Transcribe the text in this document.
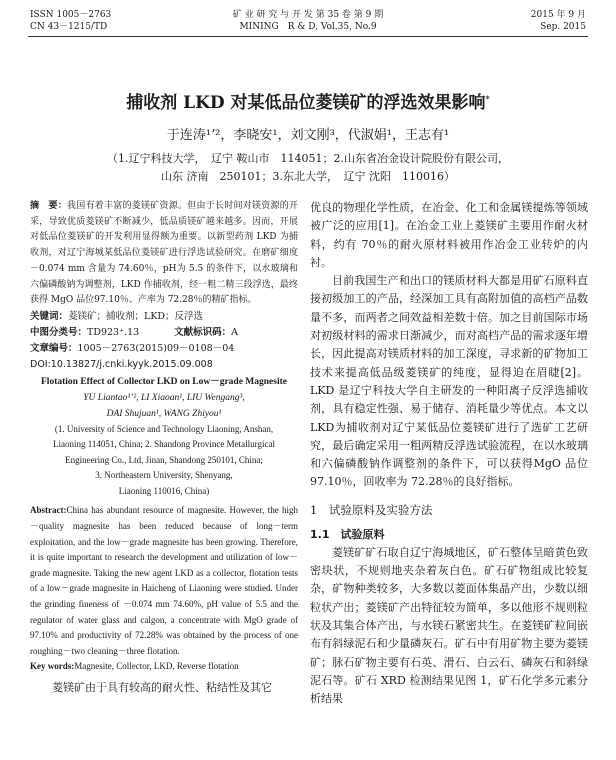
ISSN 1005－2763
CN 43－1215/TD
矿 业 研 究 与 开 发 第 35 卷 第 9 期
MINING　R & D, Vol.35, No.9
2015 年 9 月
Sep. 2015
捕收剂 LKD 对某低品位菱镁矿的浮选效果影响*
于连涛¹ʼ²，李晓安¹，刘文刚³，代淑娟¹，王志有¹
（1.辽宁科技大学，　辽宁 鞍山市　114051；2.山东省冶金设计院股份有限公司，
山东 济南　250101；3.东北大学，　辽宁 沈阳　110016）
摘　要：我国有着丰富的菱镁矿资源。但由于长时间对镁资源的开采，导致优质菱镁矿不断减少，低品质镁矿越来越多。因而，开展对低品位菱镁矿的开发利用显得额为重要。以新型药剂 LKD 为捕收剂，对辽宁海城某低品位菱镁矿进行浮选试验研究。在磨矿细度－0.074 mm 含量为 74.60％，pH为 5.5 的条件下，以水玻璃和六偏磷酸钠为调整剂，LKD 作捕收剂，经一粗二精三段浮选，最终获得 MgO 品位97.10％、产率为 72.28％的精矿指标。
关键词：菱镁矿；捕收剂；LKD；反浮选
中图分类号：TD923⁺.13	文献标识码：A
文章编号：1005－2763(2015)09－0108－04
DOI:10.13827/j.cnki.kyyk.2015.09.008
Flotation Effect of Collector LKD on Low－grade Magnesite
YU Liantao¹ʼ², LI Xiaoan¹, LIU Wengang³,
DAI Shujuan¹, WANG Zhiyou¹
(1. University of Science and Technology Liaoning, Anshan,
Liaoning 114051, China; 2. Shandong Province Metallurgical
Engineering Co., Ltd, Jinan, Shandong 250101, China;
3. Northeastern University, Shenyang,
Liaoning 110016, China)
Abstract:China has abundant resource of magnesite. However, the high－quality magnesite has been reduced because of long－term exploitation, and the low－grade magnesite has been growing. Therefore, it is quite important to research the development and utilization of low－grade magnesite. Taking the new agent LKD as a collector, flotation tests of a low－grade magnesite in Haicheng of Liaoning were studied. Under the grinding fineness of －0.074 mm 74.60%, pH value of 5.5 and the regulator of water glass and calgon, a concentrate with MgO grade of 97.10% and productivity of 72.28% was obtained by the process of one roughing－two cleaning－three flotation.
Key words:Magnesite, Collector, LKD, Reverse flotation

菱镁矿由于具有较高的耐火性、粘结性及其它

优良的物理化学性质，在冶金、化工和金属镁提炼等领域被广泛的应用[1]。在冶金工业上菱镁矿主要用作耐火材料，约有 70％的耐火原材料被用作冶金工业转炉的内衬。

目前我国生产和出口的镁质材料大都是用矿石原料直接初级加工的产品，经深加工具有高附加值的高档产品数量不多，而两者之间效益相差数十倍。加之目前国际市场对初级材料的需求日渐减少，而对高档产品的需求逐年增长，因此提高对镁质材料的加工深度，寻求新的矿物加工技术来提高低品级菱镁矿的纯度，显得迫在眉睫[2]。LKD 是辽宁科技大学自主研发的一种阳离子反浮选捕收剂，具有稳定性强、易于储存、消耗量少等优点。本文以 LKD为捕收剂对辽宁某低品位菱镁矿进行了选矿工艺研究，最后确定采用一粗两精反浮选试验流程，在以水玻璃和六偏磷酸钠作调整剂的条件下，可以获得MgO 品位 97.10％，回收率为 72.28％的良好指标。

1　试验原料及实验方法
1.1　试验原料

菱镁矿矿石取自辽宁海城地区，矿石整体呈暗黄色致密块状，不规则地夹杂着灰白色。矿石矿物组成比较复杂，矿物种类较多，大多数以菱面体集晶产出，少数以细粒状产出；菱镁矿产出特征较为简单，多以他形不规则粒状及其集合体产出，与水镁石紧密共生。在菱镁矿粒间嵌布有斜绿泥石和少量磷灰石。矿石中有用矿物主要为菱镁矿；脉石矿物主要有石英、滑石、白云石、磷灰石和斜绿泥石等。矿石 XRD 检测结果见图 1，矿石化学多元素分析结果
